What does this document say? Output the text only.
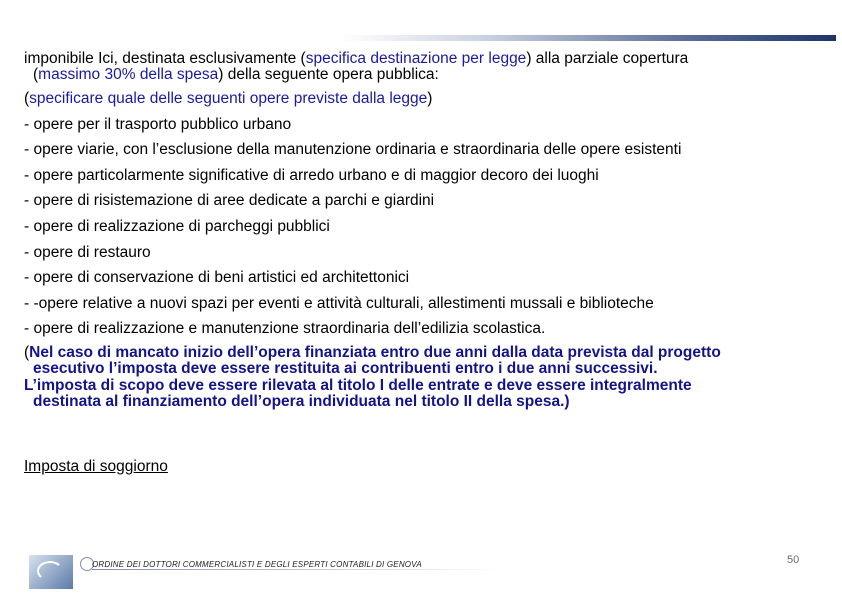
imponibile Ici, destinata esclusivamente (specifica destinazione per legge) alla parziale copertura
(massimo 30% della spesa) della seguente opera pubblica:
(specificare quale delle seguenti opere previste dalla legge)
- opere per il trasporto pubblico urbano
- opere viarie, con l’esclusione della manutenzione ordinaria e straordinaria delle opere esistenti
- opere particolarmente significative di arredo urbano e di maggior decoro dei luoghi
- opere di risistemazione di aree dedicate a parchi e giardini
- opere di realizzazione di parcheggi pubblici
- opere di restauro
- opere di conservazione di beni artistici ed architettonici
- -opere relative a nuovi spazi per eventi e attività culturali, allestimenti mussali e biblioteche
- opere di realizzazione e manutenzione straordinaria dell’edilizia scolastica.
(Nel caso di mancato inizio dell’opera finanziata entro due anni dalla data prevista dal progetto
esecutivo l’imposta deve essere restituita ai contribuenti entro i due anni successivi.
L’imposta di scopo deve essere rilevata al titolo I delle entrate e deve essere integralmente
destinata al finanziamento dell’opera individuata nel titolo II della spesa.)
Imposta di soggiorno
ORDINE DEI DOTTORI COMMERCIALISTI E DEGLI ESPERTI CONTABILI DI GENOVA	50
